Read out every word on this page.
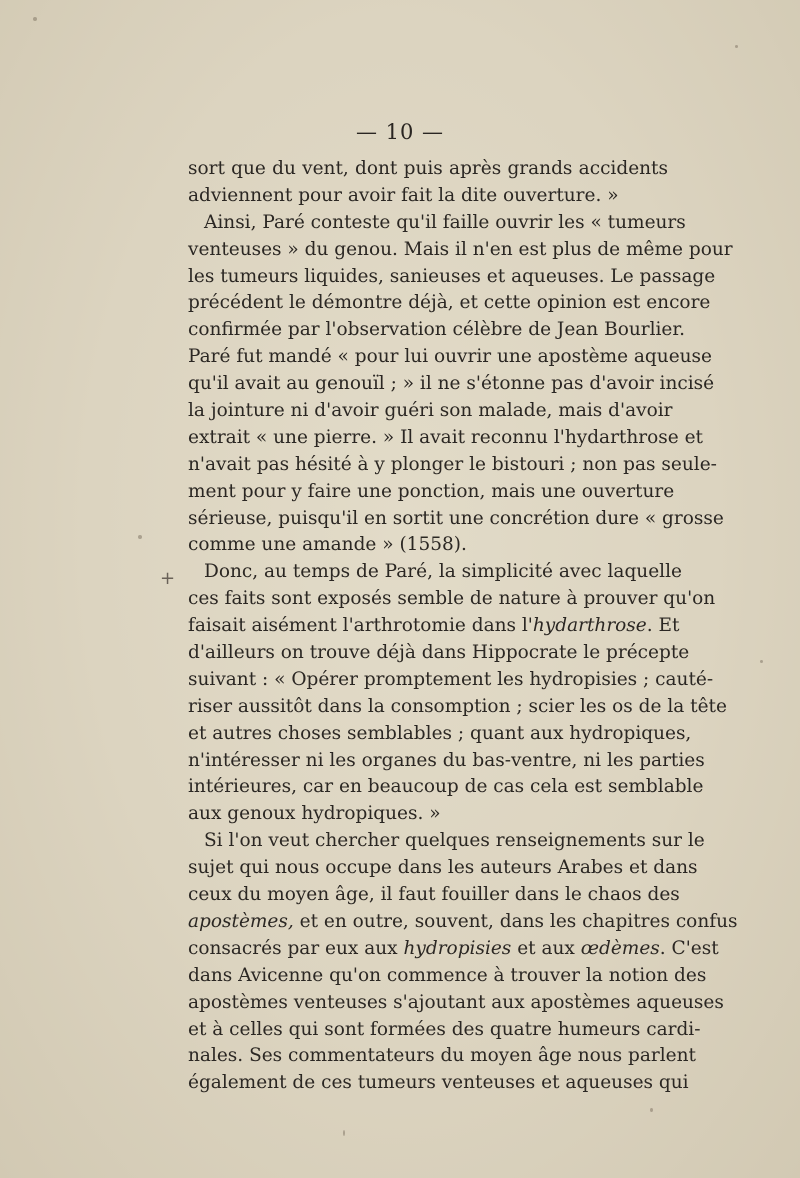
— 10 —
+
sort que du vent, dont puis après grands accidents
adviennent pour avoir fait la dite ouverture. »
Ainsi, Paré conteste qu'il faille ouvrir les « tumeurs
venteuses » du genou. Mais il n'en est plus de même pour
les tumeurs liquides, sanieuses et aqueuses. Le passage
précédent le démontre déjà, et cette opinion est encore
confirmée par l'observation célèbre de Jean Bourlier.
Paré fut mandé « pour lui ouvrir une apostème aqueuse
qu'il avait au genouïl ; » il ne s'étonne pas d'avoir incisé
la jointure ni d'avoir guéri son malade, mais d'avoir
extrait « une pierre. » Il avait reconnu l'hydarthrose et
n'avait pas hésité à y plonger le bistouri ; non pas seule-
ment pour y faire une ponction, mais une ouverture
sérieuse, puisqu'il en sortit une concrétion dure « grosse
comme une amande » (1558).
Donc, au temps de Paré, la simplicité avec laquelle
ces faits sont exposés semble de nature à prouver qu'on
faisait aisément l'arthrotomie dans l'hydarthrose. Et
d'ailleurs on trouve déjà dans Hippocrate le précepte
suivant : « Opérer promptement les hydropisies ; cauté-
riser aussitôt dans la consomption ; scier les os de la tête
et autres choses semblables ; quant aux hydropiques,
n'intéresser ni les organes du bas-ventre, ni les parties
intérieures, car en beaucoup de cas cela est semblable
aux genoux hydropiques. »
Si l'on veut chercher quelques renseignements sur le
sujet qui nous occupe dans les auteurs Arabes et dans
ceux du moyen âge, il faut fouiller dans le chaos des
apostèmes, et en outre, souvent, dans les chapitres confus
consacrés par eux aux hydropisies et aux œdèmes. C'est
dans Avicenne qu'on commence à trouver la notion des
apostèmes venteuses s'ajoutant aux apostèmes aqueuses
et à celles qui sont formées des quatre humeurs cardi-
nales. Ses commentateurs du moyen âge nous parlent
également de ces tumeurs venteuses et aqueuses qui
